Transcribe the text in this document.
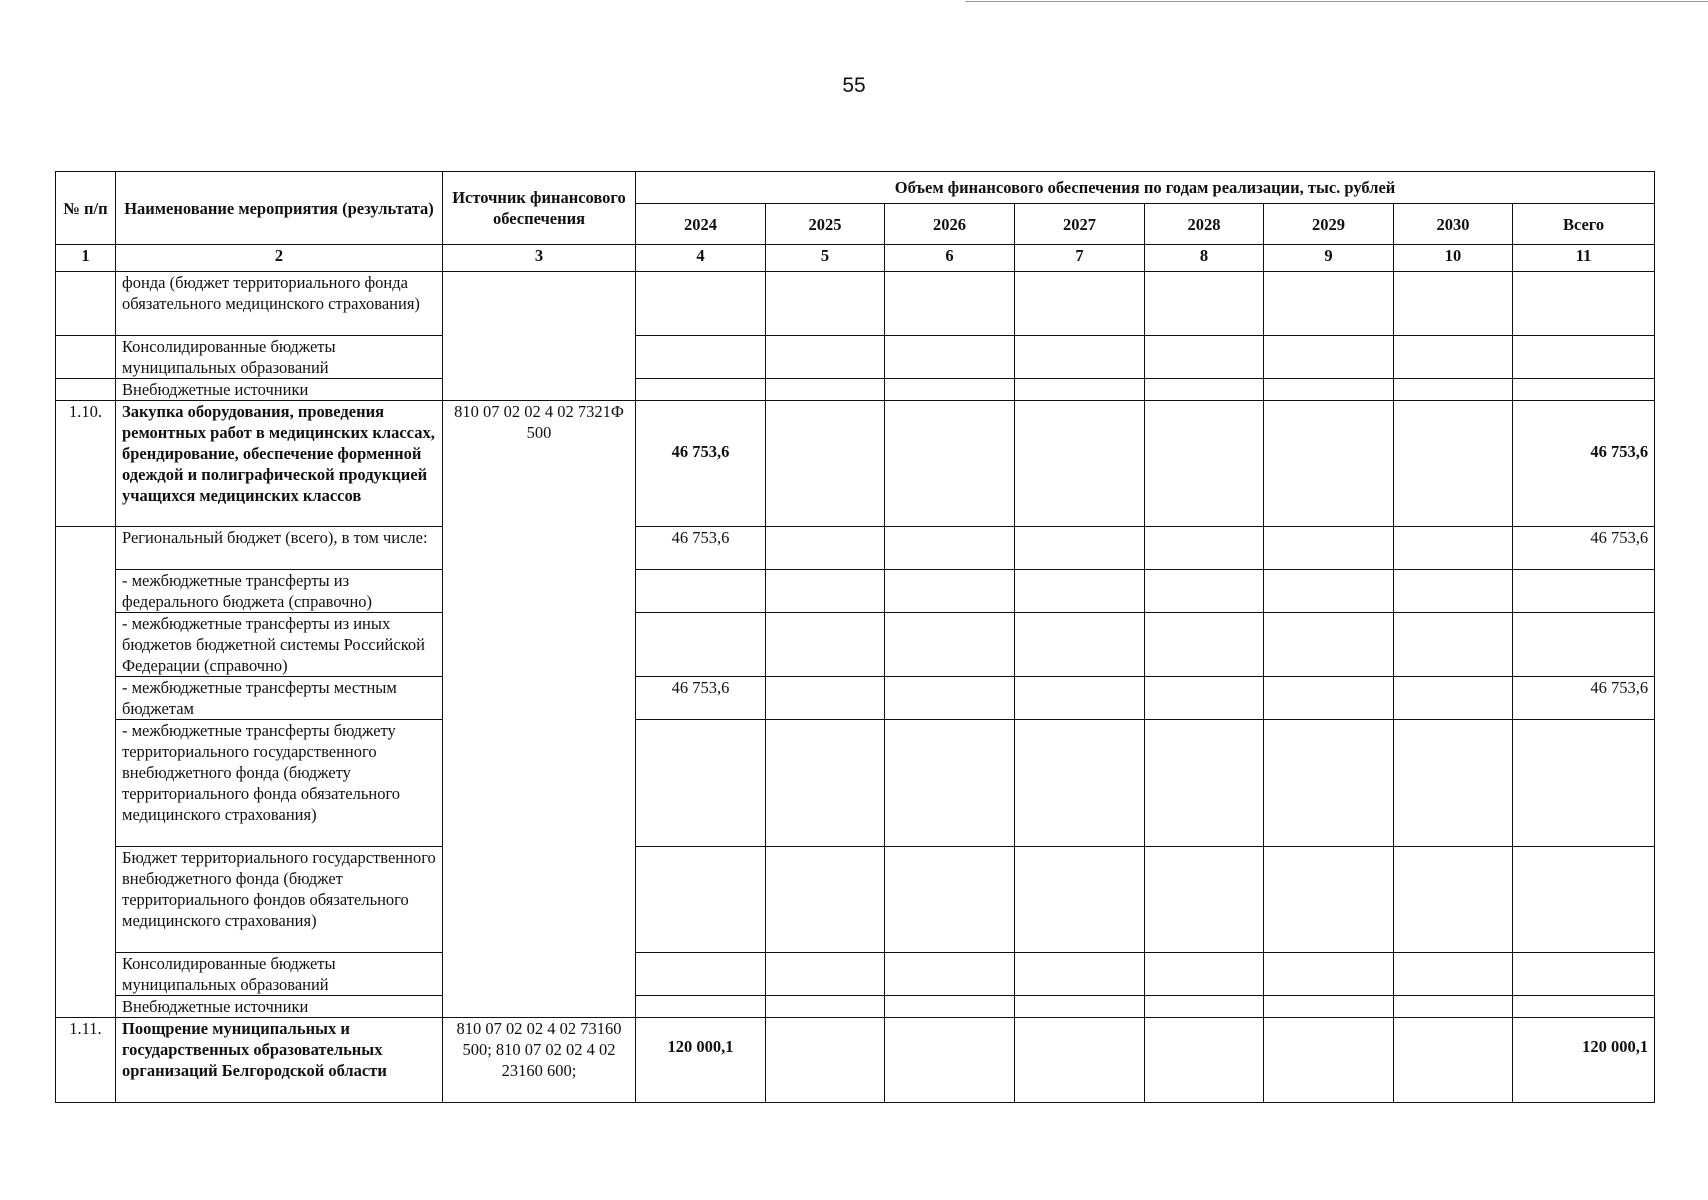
55
№ п/п	Наименование мероприятия (результата)	Источник финансового обеспечения	Объем финансового обеспечения по годам реализации, тыс. рублей							
			2024	2025	2026	2027	2028	2029	2030	Всего
1	2	3	4	5	6	7	8	9	10	11
	фонда (бюджет территориального фонда обязательного медицинского страхования)									
	Консолидированные бюджеты муниципальных образований									
	Внебюджетные источники									
1.10.	Закупка оборудования, проведения ремонтных работ в медицинских классах, брендирование, обеспечение форменной одеждой и полиграфической продукцией учащихся медицинских классов	810 07 02 02 4 02 7321Ф 500	46 753,6							46 753,6
	Региональный бюджет (всего), в том числе:		46 753,6							46 753,6
	- межбюджетные трансферты из федерального бюджета (справочно)									
	- межбюджетные трансферты из иных бюджетов бюджетной системы Российской Федерации (справочно)									
	- межбюджетные трансферты местным бюджетам		46 753,6							46 753,6
	- межбюджетные трансферты бюджету территориального государственного внебюджетного фонда (бюджету территориального фонда обязательного медицинского страхования)									
	Бюджет территориального государственного внебюджетного фонда (бюджет территориального фондов обязательного медицинского страхования)									
	Консолидированные бюджеты муниципальных образований									
	Внебюджетные источники									
1.11.	Поощрение муниципальных и государственных образовательных организаций Белгородской области	810 07 02 02 4 02 73160 500; 810 07 02 02 4 02 23160 600;	120 000,1							120 000,1
